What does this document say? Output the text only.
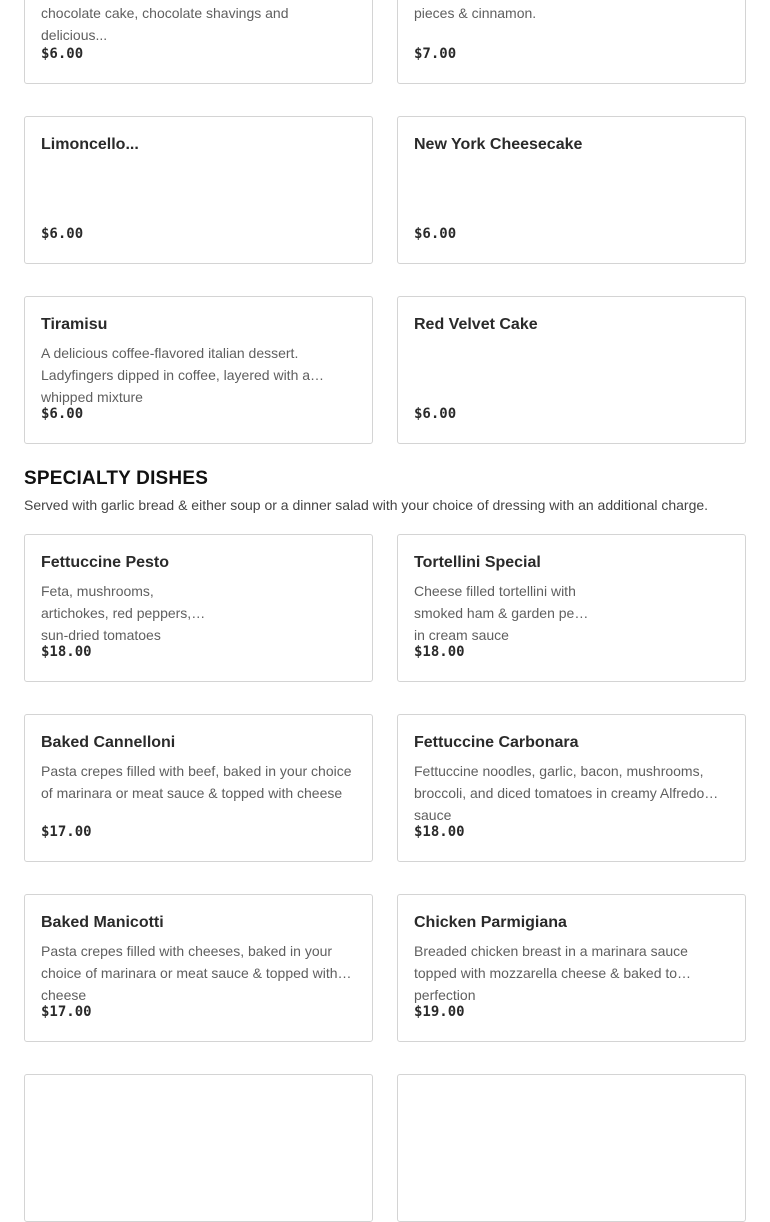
chocolate cake, chocolate shavings and delicious...
$6.00
pieces & cinnamon.
$7.00
Limoncello...
$6.00
New York Cheesecake
$6.00
Tiramisu
A delicious coffee-flavored italian dessert. Ladyfingers dipped in coffee, layered with a whipped mixture
$6.00
Red Velvet Cake
$6.00
SPECIALTY DISHES
Served with garlic bread & either soup or a dinner salad with your choice of dressing with an additional charge.
Fettuccine Pesto
Feta, mushrooms, artichokes, red peppers, sun-dried tomatoes
$18.00
Tortellini Special
Cheese filled tortellini with smoked ham & garden peas in cream sauce
$18.00
Baked Cannelloni
Pasta crepes filled with beef, baked in your choice of marinara or meat sauce & topped with cheese
$17.00
Fettuccine Carbonara
Fettuccine noodles, garlic, bacon, mushrooms, broccoli, and diced tomatoes in creamy Alfredo sauce
$18.00
Baked Manicotti
Pasta crepes filled with cheeses, baked in your choice of marinara or meat sauce & topped with cheese
$17.00
Chicken Parmigiana
Breaded chicken breast in a marinara sauce topped with mozzarella cheese & baked to perfection
$19.00
